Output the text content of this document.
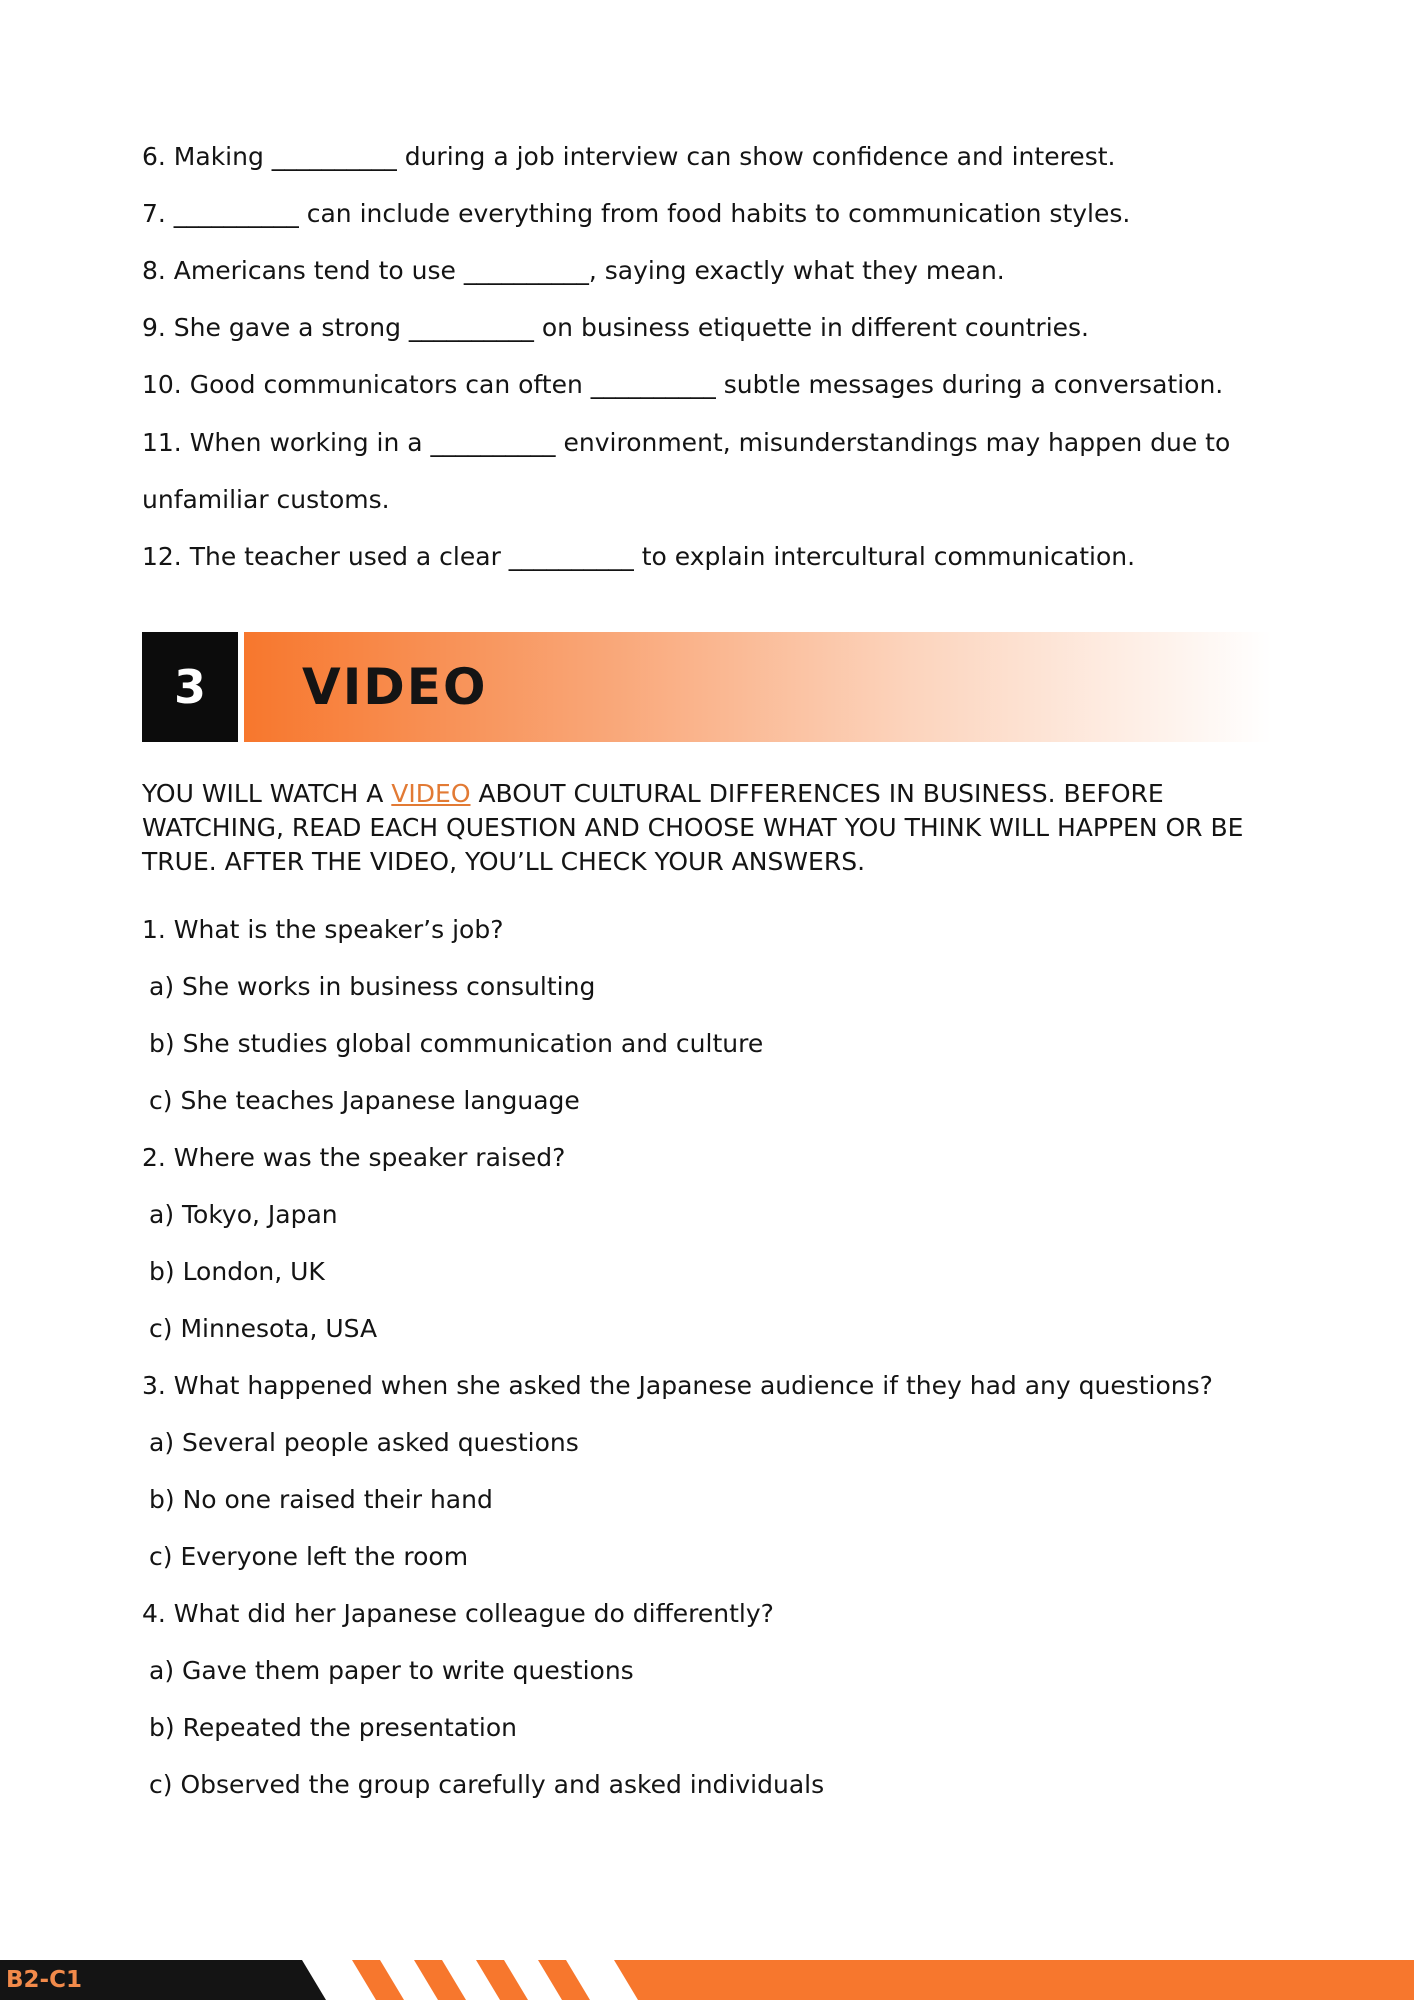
6. Making __________ during a job interview can show confidence and interest.

7. __________ can include everything from food habits to communication styles.

8. Americans tend to use __________, saying exactly what they mean.

9. She gave a strong __________ on business etiquette in different countries.

10. Good communicators can often __________ subtle messages during a conversation.

11. When working in a __________ environment, misunderstandings may happen due to

unfamiliar customs.

12. The teacher used a clear __________ to explain intercultural communication.

3 VIDEO

YOU WILL WATCH A VIDEO ABOUT CULTURAL DIFFERENCES IN BUSINESS. BEFORE WATCHING, READ EACH QUESTION AND CHOOSE WHAT YOU THINK WILL HAPPEN OR BE TRUE. AFTER THE VIDEO, YOU’LL CHECK YOUR ANSWERS.

1. What is the speaker’s job?

a) She works in business consulting

b) She studies global communication and culture

c) She teaches Japanese language

2. Where was the speaker raised?

a) Tokyo, Japan

b) London, UK

c) Minnesota, USA

3. What happened when she asked the Japanese audience if they had any questions?

a) Several people asked questions

b) No one raised their hand

c) Everyone left the room

4. What did her Japanese colleague do differently?

a) Gave them paper to write questions

b) Repeated the presentation

c) Observed the group carefully and asked individuals

B2-C1
